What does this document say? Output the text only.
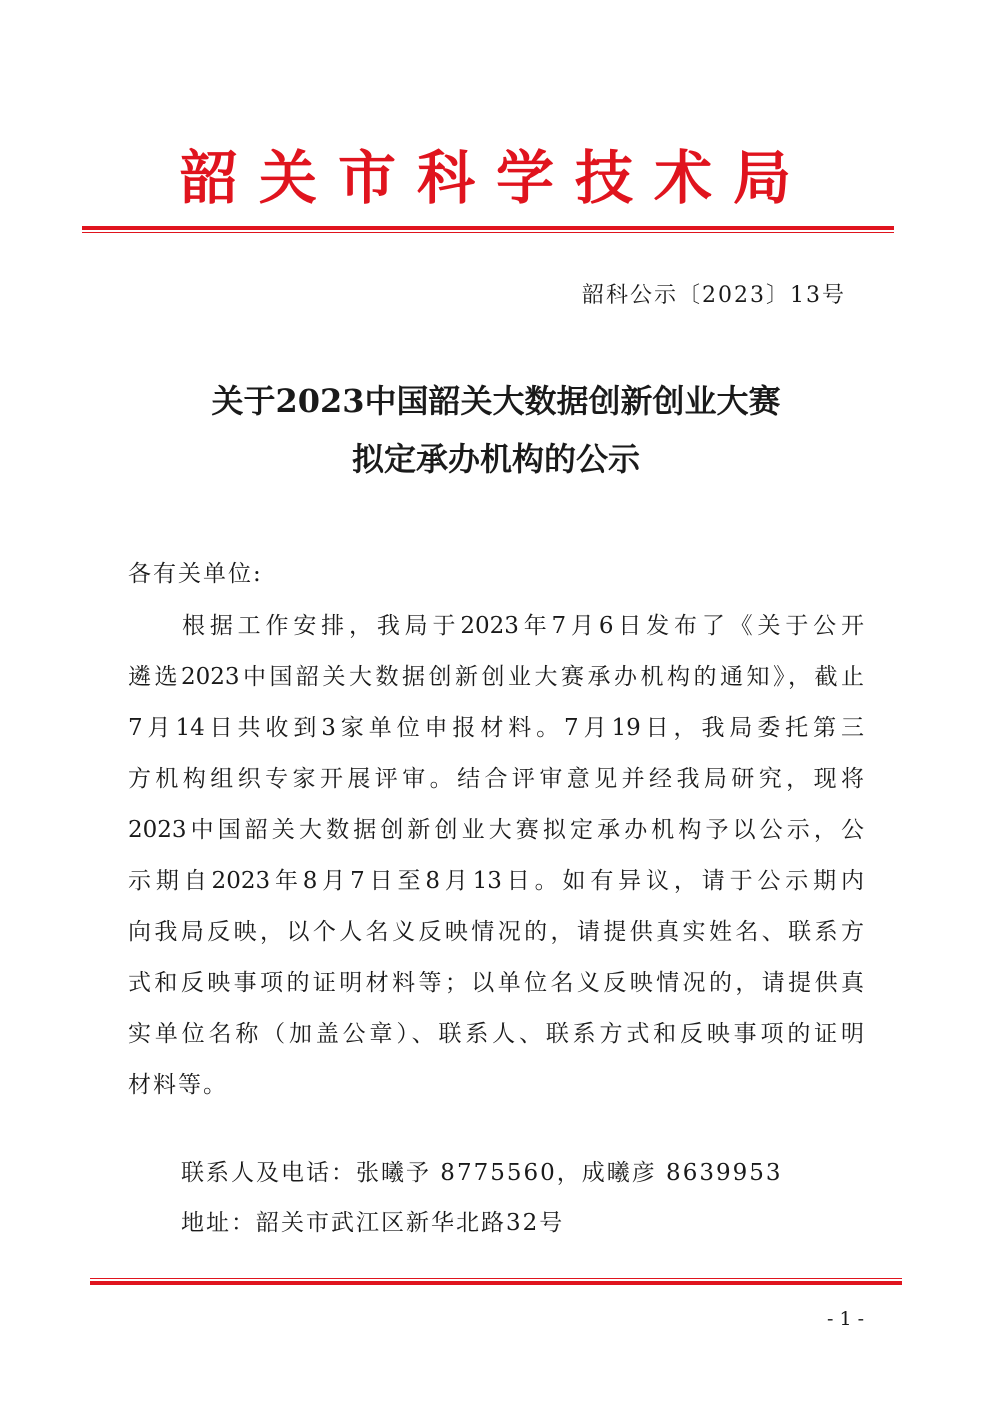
韶关市科学技术局
韶科公示〔2023〕13号
关于2023中国韶关大数据创新创业大赛
拟定承办机构的公示
各有关单位:
根据工作安排，我局于2023年7月6日发布了《关于公开
遴选2023中国韶关大数据创新创业大赛承办机构的通知》，截止
7月14日共收到3家单位申报材料。7月19日，我局委托第三
方机构组织专家开展评审。结合评审意见并经我局研究，现将
2023中国韶关大数据创新创业大赛拟定承办机构予以公示，公
示期自2023年8月7日至8月13日。如有异议，请于公示期内
向我局反映，以个人名义反映情况的，请提供真实姓名、联系方
式和反映事项的证明材料等；以单位名义反映情况的，请提供真
实单位名称（加盖公章）、联系人、联系方式和反映事项的证明
材料等。
联系人及电话：张曦予 8775560，成曦彦 8639953
地址：韶关市武江区新华北路32号
- 1 -
